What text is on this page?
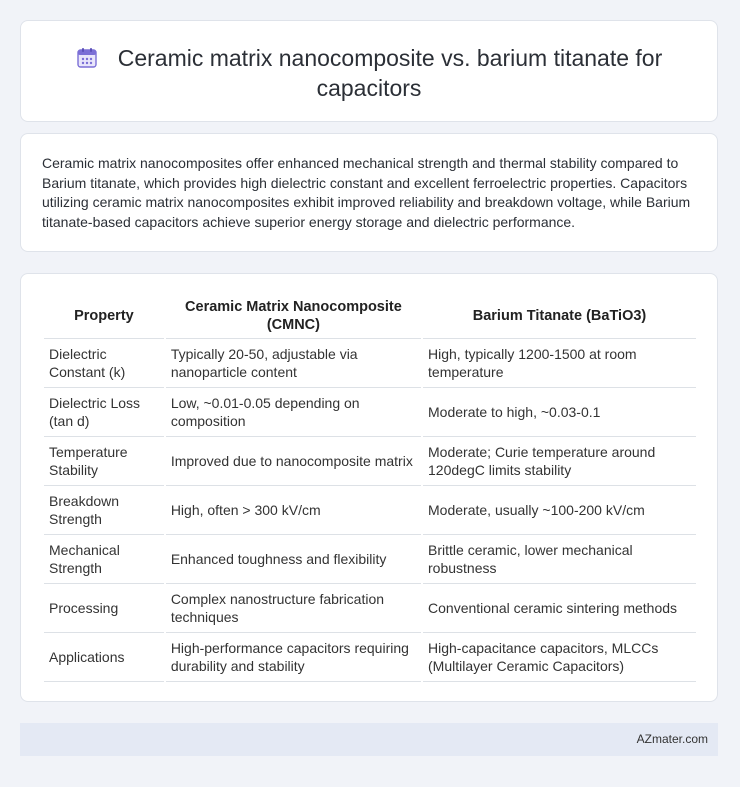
Ceramic matrix nanocomposite vs. barium titanate for
capacitors
Ceramic matrix nanocomposites offer enhanced mechanical strength and thermal stability compared to Barium titanate, which provides high dielectric constant and excellent ferroelectric properties. Capacitors utilizing ceramic matrix nanocomposites exhibit improved reliability and breakdown voltage, while Barium titanate-based capacitors achieve superior energy storage and dielectric performance.
Property	Ceramic Matrix Nanocomposite (CMNC)	Barium Titanate (BaTiO3)
Dielectric Constant (k)	Typically 20-50, adjustable via nanoparticle content	High, typically 1200-1500 at room temperature
Dielectric Loss (tan d)	Low, ~0.01-0.05 depending on composition	Moderate to high, ~0.03-0.1
Temperature Stability	Improved due to nanocomposite matrix	Moderate; Curie temperature around 120degC limits stability
Breakdown Strength	High, often > 300 kV/cm	Moderate, usually ~100-200 kV/cm
Mechanical Strength	Enhanced toughness and flexibility	Brittle ceramic, lower mechanical robustness
Processing	Complex nanostructure fabrication techniques	Conventional ceramic sintering methods
Applications	High-performance capacitors requiring durability and stability	High-capacitance capacitors, MLCCs (Multilayer Ceramic Capacitors)
AZmater.com
